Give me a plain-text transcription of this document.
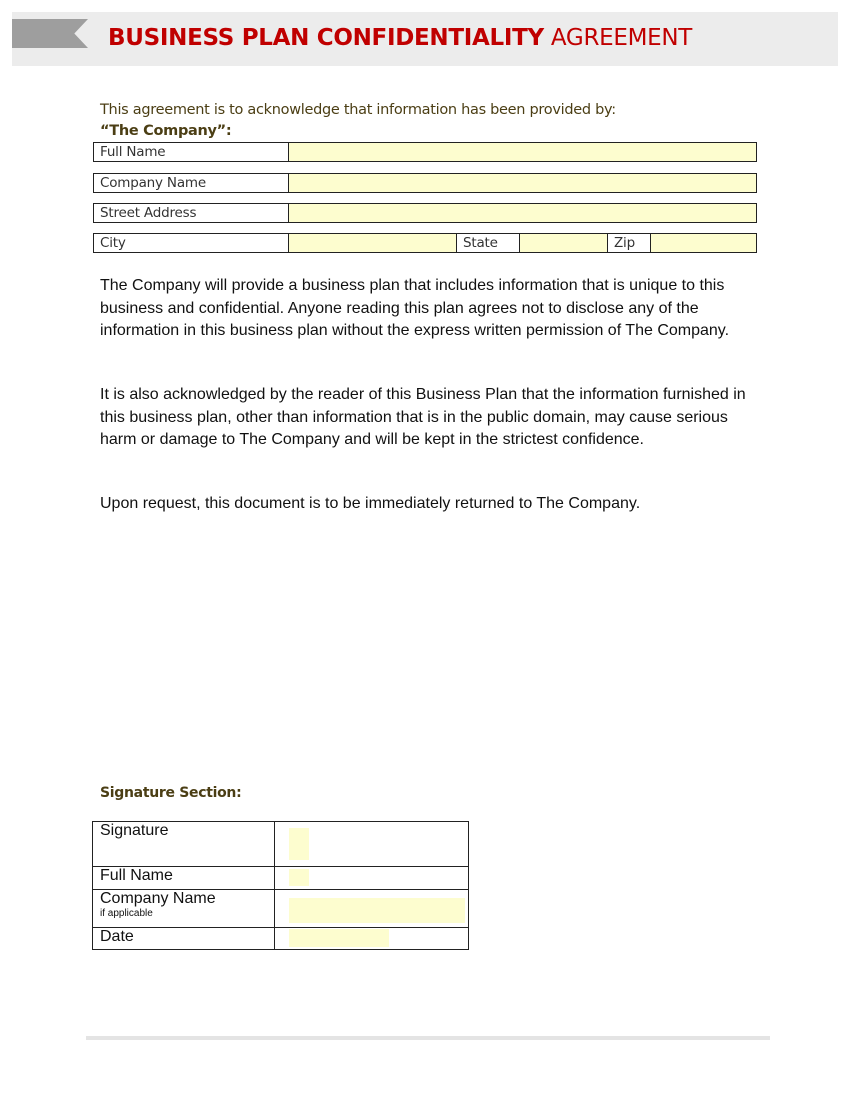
BUSINESS PLAN CONFIDENTIALITY AGREEMENT
This agreement is to acknowledge that information has been provided by:
“The Company”:
Full Name
Company Name
Street Address
City	State	Zip

The Company will provide a business plan that includes information that is unique to this business and confidential. Anyone reading this plan agrees not to disclose any of the information in this business plan without the express written permission of The Company.

It is also acknowledged by the reader of this Business Plan that the information furnished in this business plan, other than information that is in the public domain, may cause serious harm or damage to The Company and will be kept in the strictest confidence.

Upon request, this document is to be immediately returned to The Company.

Signature Section:
Signature	

Full Name	

Company Name
if applicable	

Date	
